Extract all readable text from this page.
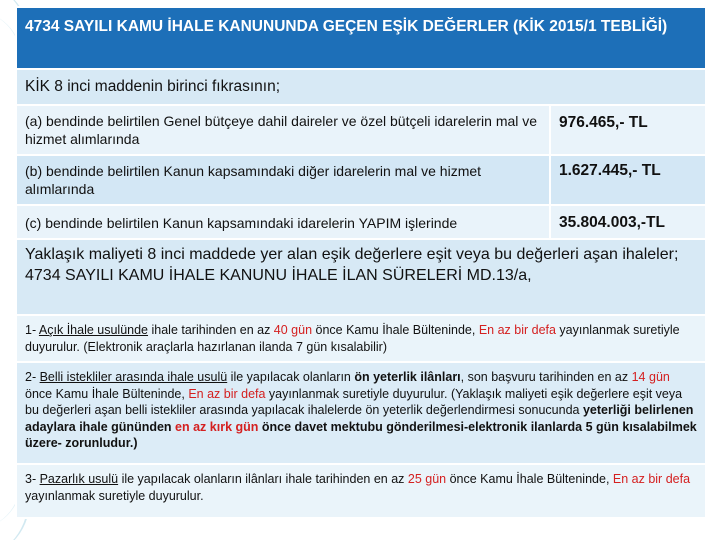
4734 SAYILI KAMU İHALE KANUNUNDA GEÇEN EŞİK DEĞERLER (KİK 2015/1 TEBLİĞİ)	
KİK 8 inci maddenin birinci fıkrasının;	
(a) bendinde belirtilen Genel bütçeye dahil daireler ve özel bütçeli idarelerin mal ve hizmet alımlarında	976.465,- TL
(b) bendinde belirtilen Kanun kapsamındaki diğer idarelerin mal ve hizmet alımlarında	1.627.445,- TL
(c) bendinde belirtilen Kanun kapsamındaki idarelerin YAPIM işlerinde	35.804.003,-TL
Yaklaşık maliyeti 8 inci maddede yer alan eşik değerlere eşit veya bu değerleri aşan ihaleler; 4734 SAYILI KAMU İHALE KANUNU İHALE İLAN SÜRELERİ MD.13/a,	
1- Açık İhale usulünde ihale tarihinden en az 40 gün önce Kamu İhale Bülteninde, En az bir defa yayınlanmak suretiyle duyurulur. (Elektronik araçlarla hazırlanan ilanda 7 gün kısalabilir)	
2- Belli istekliler arasında ihale usulü ile yapılacak olanların ön yeterlik ilânları, son başvuru tarihinden en az 14 gün önce Kamu İhale Bülteninde, En az bir defa yayınlanmak suretiyle duyurulur. (Yaklaşık maliyeti eşik değerlere eşit veya bu değerleri aşan belli istekliler arasında yapılacak ihalelerde ön yeterlik değerlendirmesi sonucunda yeterliği belirlenen adaylara ihale gününden en az kırk gün önce davet mektubu gönderilmesi-elektronik ilanlarda 5 gün kısalabilmek üzere- zorunludur.)	
3- Pazarlık usulü ile yapılacak olanların ilânları ihale tarihinden en az 25 gün önce Kamu İhale Bülteninde, En az bir defa yayınlanmak suretiyle duyurulur.	
